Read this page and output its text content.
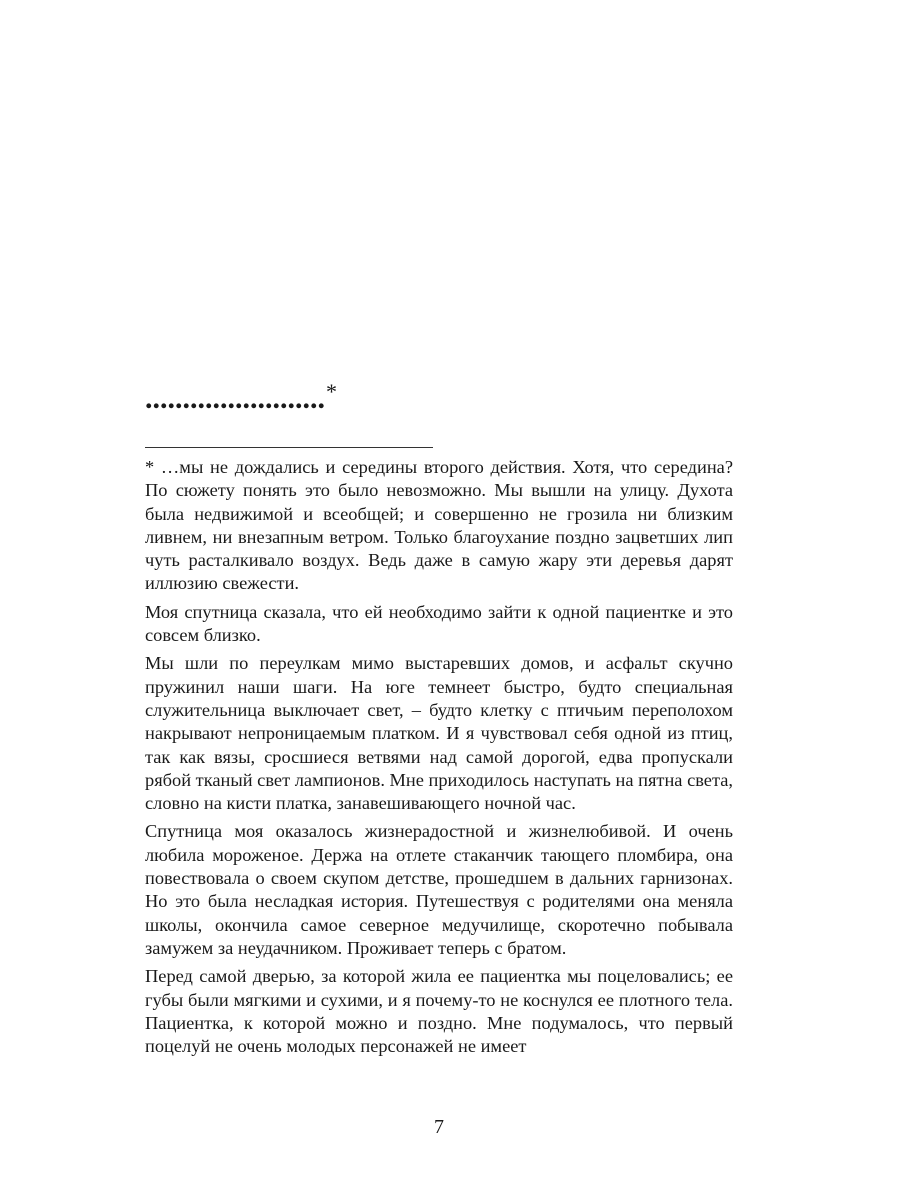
........................*

* …мы не дождались и середины второго действия. Хотя, что середина? По сюжету понять это было невозможно. Мы вышли на улицу. Духота была недвижимой и всеобщей; и совершенно не грозила ни близким ливнем, ни внезапным ветром. Только благоухание поздно зацветших лип чуть расталкивало воздух. Ведь даже в самую жару эти деревья дарят иллюзию свежести.

Моя спутница сказала, что ей необходимо зайти к одной пациентке и это совсем близко.

Мы шли по переулкам мимо выстаревших домов, и асфальт скучно пружинил наши шаги. На юге темнеет быстро, будто специальная служительница выключает свет, – будто клетку с птичьим переполохом накрывают непроницаемым платком. И я чувствовал себя одной из птиц, так как вязы, сросшиеся ветвями над самой дорогой, едва пропускали рябой тканый свет лампионов. Мне приходилось наступать на пятна света, словно на кисти платка, занавешивающего ночной час.

Спутница моя оказалось жизнерадостной и жизнелюбивой. И очень любила мороженое. Держа на отлете стаканчик тающего пломбира, она повествовала о своем скупом детстве, прошедшем в дальних гарнизонах. Но это была несладкая история. Путешествуя с родителями она меняла школы, окончила самое северное медучилище, скоротечно побывала замужем за неудачником. Проживает теперь с братом.

Перед самой дверью, за которой жила ее пациентка мы поцеловались; ее губы были мягкими и сухими, и я почему-то не коснулся ее плотного тела. Пациентка, к которой можно и поздно. Мне подумалось, что первый поцелуй не очень молодых персонажей не имеет

7
